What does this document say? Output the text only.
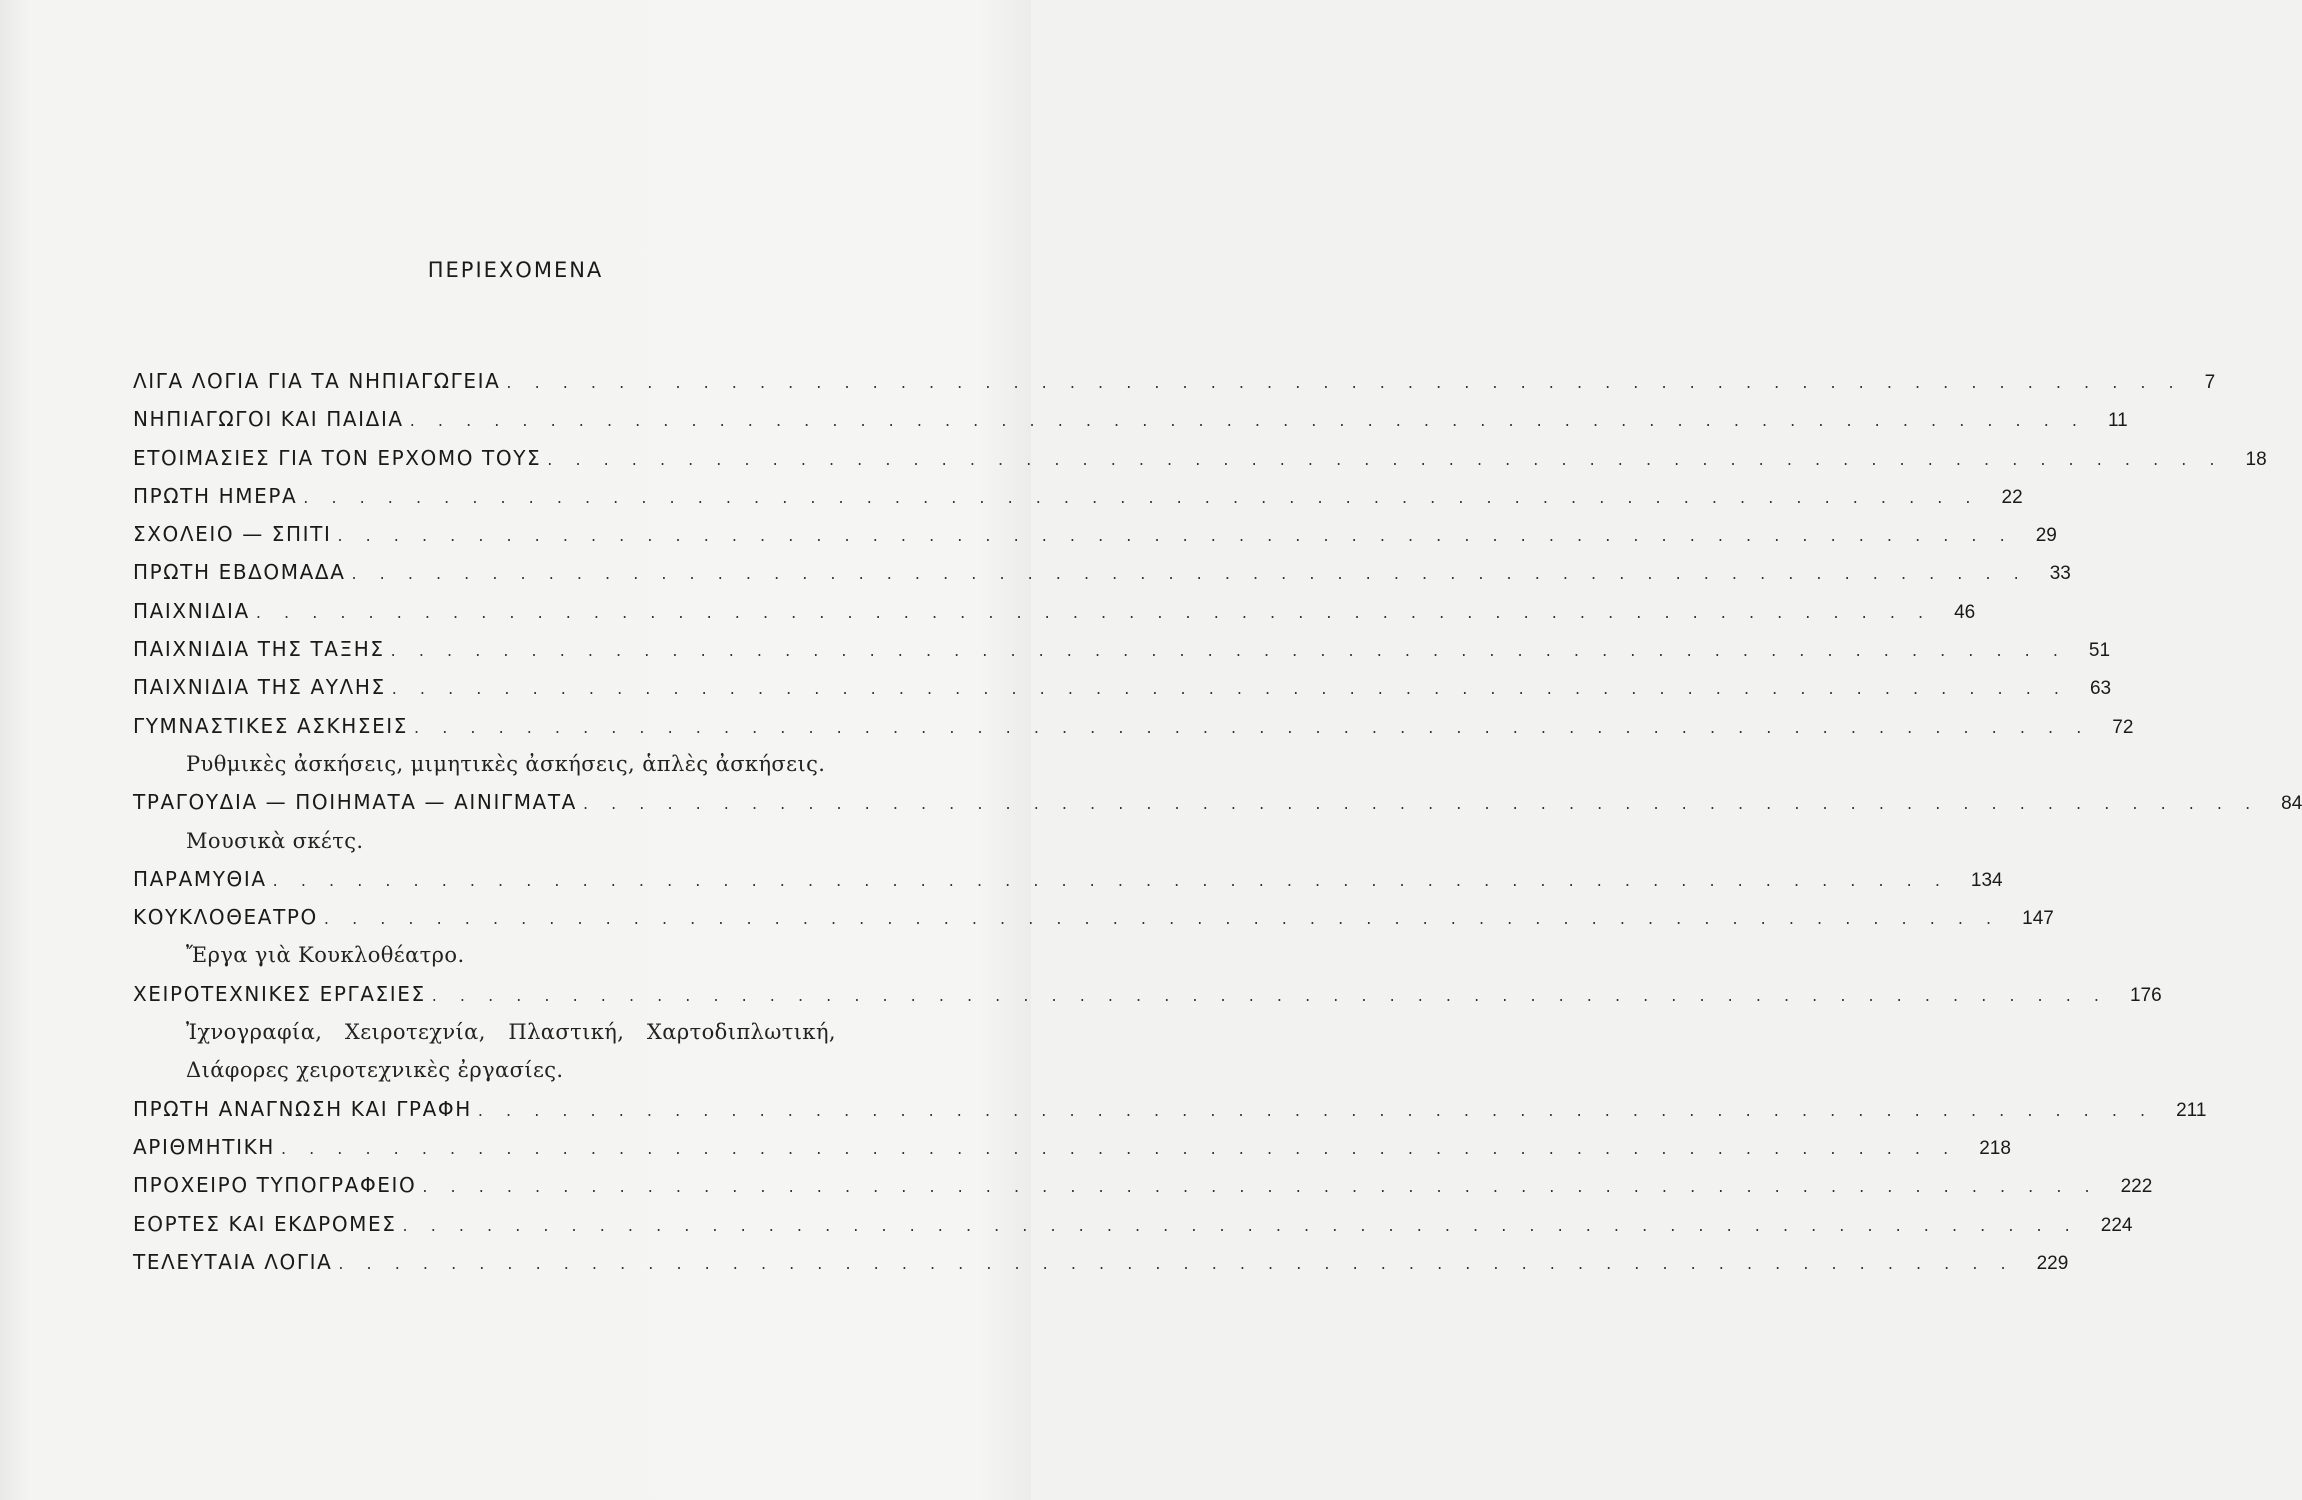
ΠΕΡΙΕΧΟΜΕΝΑ
ΛΙΓΑ ΛΟΓΙΑ ΓΙΑ ΤΑ ΝΗΠΙΑΓΩΓΕΙΑ . . . . . . . . . . . . . . . . . . . . . . . . . . . . . . . . . . . . . . . . . . . . . . . . . . . . . . . . . . . . 7
ΝΗΠΙΑΓΩΓΟΙ ΚΑΙ ΠΑΙΔΙΑ . . . . . . . . . . . . . . . . . . . . . . . . . . . . . . . . . . . . . . . . . . . . . . . . . . . . . . . . . . . . 11
ΕΤΟΙΜΑΣΙΕΣ ΓΙΑ ΤΟΝ ΕΡΧΟΜΟ ΤΟΥΣ . . . . . . . . . . . . . . . . . . . . . . . . . . . . . . . . . . . . . . . . . . . . . . . . . . . . . . . . . . . . 18
ΠΡΩΤΗ ΗΜΕΡΑ . . . . . . . . . . . . . . . . . . . . . . . . . . . . . . . . . . . . . . . . . . . . . . . . . . . . . . . . . . . . 22
ΣΧΟΛΕΙΟ — ΣΠΙΤΙ . . . . . . . . . . . . . . . . . . . . . . . . . . . . . . . . . . . . . . . . . . . . . . . . . . . . . . . . . . . . 29
ΠΡΩΤΗ ΕΒΔΟΜΑΔΑ . . . . . . . . . . . . . . . . . . . . . . . . . . . . . . . . . . . . . . . . . . . . . . . . . . . . . . . . . . . . 33
ΠΑΙΧΝΙΔΙΑ . . . . . . . . . . . . . . . . . . . . . . . . . . . . . . . . . . . . . . . . . . . . . . . . . . . . . . . . . . . . 46
ΠΑΙΧΝΙΔΙΑ ΤΗΣ ΤΑΞΗΣ . . . . . . . . . . . . . . . . . . . . . . . . . . . . . . . . . . . . . . . . . . . . . . . . . . . . . . . . . . . . 51
ΠΑΙΧΝΙΔΙΑ ΤΗΣ ΑΥΛΗΣ . . . . . . . . . . . . . . . . . . . . . . . . . . . . . . . . . . . . . . . . . . . . . . . . . . . . . . . . . . . . 63
ΓΥΜΝΑΣΤΙΚΕΣ ΑΣΚΗΣΕΙΣ . . . . . . . . . . . . . . . . . . . . . . . . . . . . . . . . . . . . . . . . . . . . . . . . . . . . . . . . . . . . 72
Ρυθμικὲς ἀσκήσεις, μιμητικὲς ἀσκήσεις, ἁπλὲς ἀσκήσεις.
ΤΡΑΓΟΥΔΙΑ — ΠΟΙΗΜΑΤΑ — ΑΙΝΙΓΜΑΤΑ . . . . . . . . . . . . . . . . . . . . . . . . . . . . . . . . . . . . . . . . . . . . . . . . . . . . . . . . . . . . 84
Μουσικὰ σκέτς.
ΠΑΡΑΜΥΘΙΑ . . . . . . . . . . . . . . . . . . . . . . . . . . . . . . . . . . . . . . . . . . . . . . . . . . . . . . . . . . . . 134
ΚΟΥΚΛΟΘΕΑΤΡΟ . . . . . . . . . . . . . . . . . . . . . . . . . . . . . . . . . . . . . . . . . . . . . . . . . . . . . . . . . . . . 147
Ἔργα γιὰ Κουκλοθέατρο.
ΧΕΙΡΟΤΕΧΝΙΚΕΣ ΕΡΓΑΣΙΕΣ . . . . . . . . . . . . . . . . . . . . . . . . . . . . . . . . . . . . . . . . . . . . . . . . . . . . . . . . . . . . 176
Ἰχνογραφία, Χειροτεχνία, Πλαστική, Χαρτοδιπλωτική, Διάφορες χειροτεχνικὲς ἐργασίες.
ΠΡΩΤΗ ΑΝΑΓΝΩΣΗ ΚΑΙ ΓΡΑΦΗ . . . . . . . . . . . . . . . . . . . . . . . . . . . . . . . . . . . . . . . . . . . . . . . . . . . . . . . . . . . . 211
ΑΡΙΘΜΗΤΙΚΗ . . . . . . . . . . . . . . . . . . . . . . . . . . . . . . . . . . . . . . . . . . . . . . . . . . . . . . . . . . . . 218
ΠΡΟΧΕΙΡΟ ΤΥΠΟΓΡΑΦΕΙΟ . . . . . . . . . . . . . . . . . . . . . . . . . . . . . . . . . . . . . . . . . . . . . . . . . . . . . . . . . . . . 222
ΕΟΡΤΕΣ ΚΑΙ ΕΚΔΡΟΜΕΣ . . . . . . . . . . . . . . . . . . . . . . . . . . . . . . . . . . . . . . . . . . . . . . . . . . . . . . . . . . . . 224
ΤΕΛΕΥΤΑΙΑ ΛΟΓΙΑ . . . . . . . . . . . . . . . . . . . . . . . . . . . . . . . . . . . . . . . . . . . . . . . . . . . . . . . . . . . . 229
